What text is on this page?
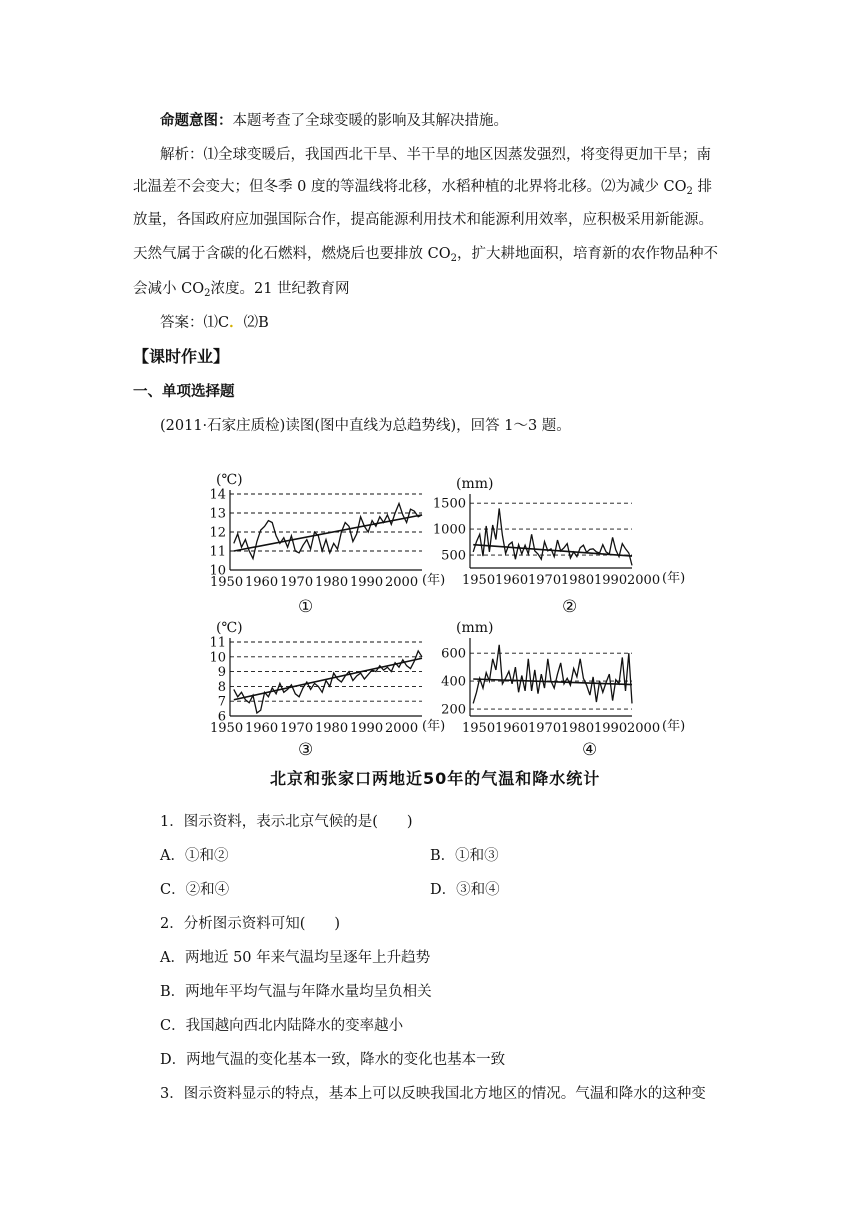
命题意图：本题考查了全球变暖的影响及其解决措施。
解析：⑴全球变暖后，我国西北干旱、半干旱的地区因蒸发强烈，将变得更加干旱；南
北温差不会变大；但冬季 0 度的等温线将北移，水稻种植的北界将北移。⑵为减少 $CO_2$ 排
放量，各国政府应加强国际合作，提高能源利用技术和能源利用效率，应积极采用新能源。
天然气属于含碳的化石燃料，燃烧后也要排放 $CO_2$，扩大耕地面积，培育新的农作物品种不
会减小 $CO_2$浓度。21 世纪教育网
答案：⑴C．⑵B
【课时作业】
一、单项选择题
(2011·石家庄质检)读图(图中直线为总趋势线)，回答 1～3 题。
10
11
12
13
14
(℃)
1950 1960 1970 1980 1990 2000 (年)
①
500
1000
1500
(mm)
1950 1960 1970 1980 1990 2000 (年)
②
6
7
8
9
10
11
(℃)
1950 1960 1970 1980 1990 2000 (年)
③
200
400
600
(mm)
1950 1960 1970 1980 1990 2000 (年)
④
北京和张家口两地近50年的气温和降水统计
1．图示资料，表示北京气候的是(　　)
A．①和②	B．①和③
C．②和④	D．③和④
2．分析图示资料可知(　　)
A．两地近 50 年来气温均呈逐年上升趋势
B．两地年平均气温与年降水量均呈负相关
C．我国越向西北内陆降水的变率越小
D．两地气温的变化基本一致，降水的变化也基本一致
3．图示资料显示的特点，基本上可以反映我国北方地区的情况。气温和降水的这种变
